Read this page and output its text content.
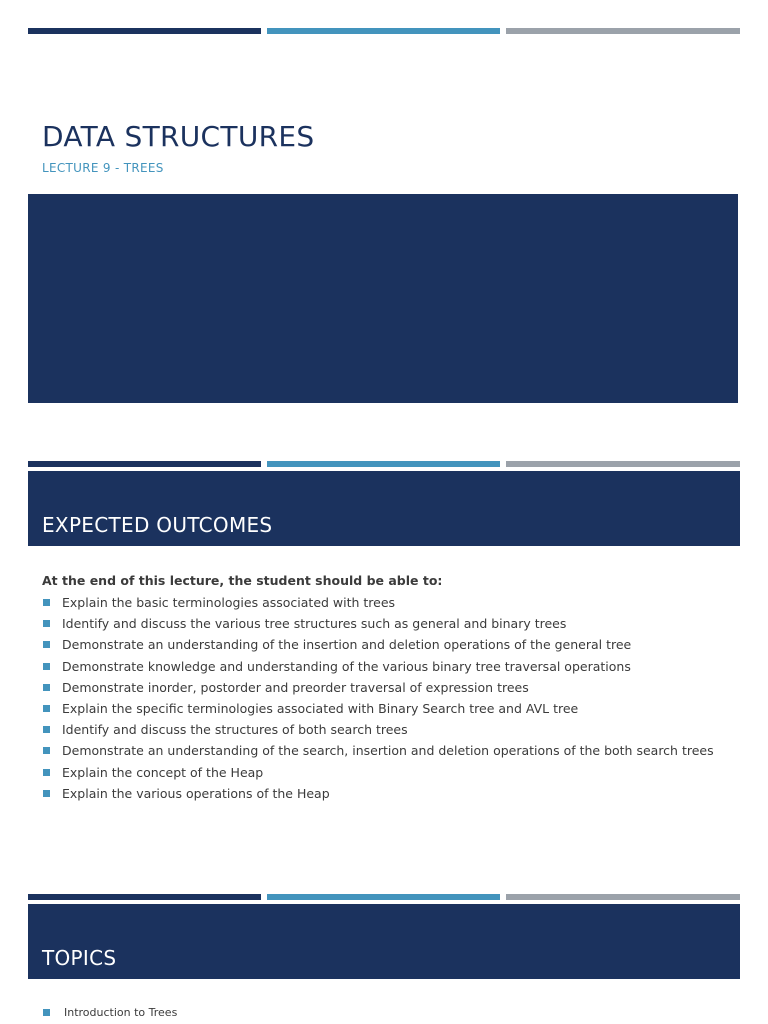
DATA STRUCTURES

LECTURE 9 - TREES

EXPECTED OUTCOMES

At the end of this lecture, the student should be able to:

Explain the basic terminologies associated with trees
Identify and discuss the various tree structures such as general and binary trees
Demonstrate an understanding of the insertion and deletion operations of the general tree
Demonstrate knowledge and understanding of the various binary tree traversal operations
Demonstrate inorder, postorder and preorder traversal of expression trees
Explain the specific terminologies associated with Binary Search tree and AVL tree
Identify and discuss the structures of both search trees
Demonstrate an understanding of the search, insertion and deletion operations of the both search trees
Explain the concept of the Heap
Explain the various operations of the Heap
TOPICS
Introduction to Trees
